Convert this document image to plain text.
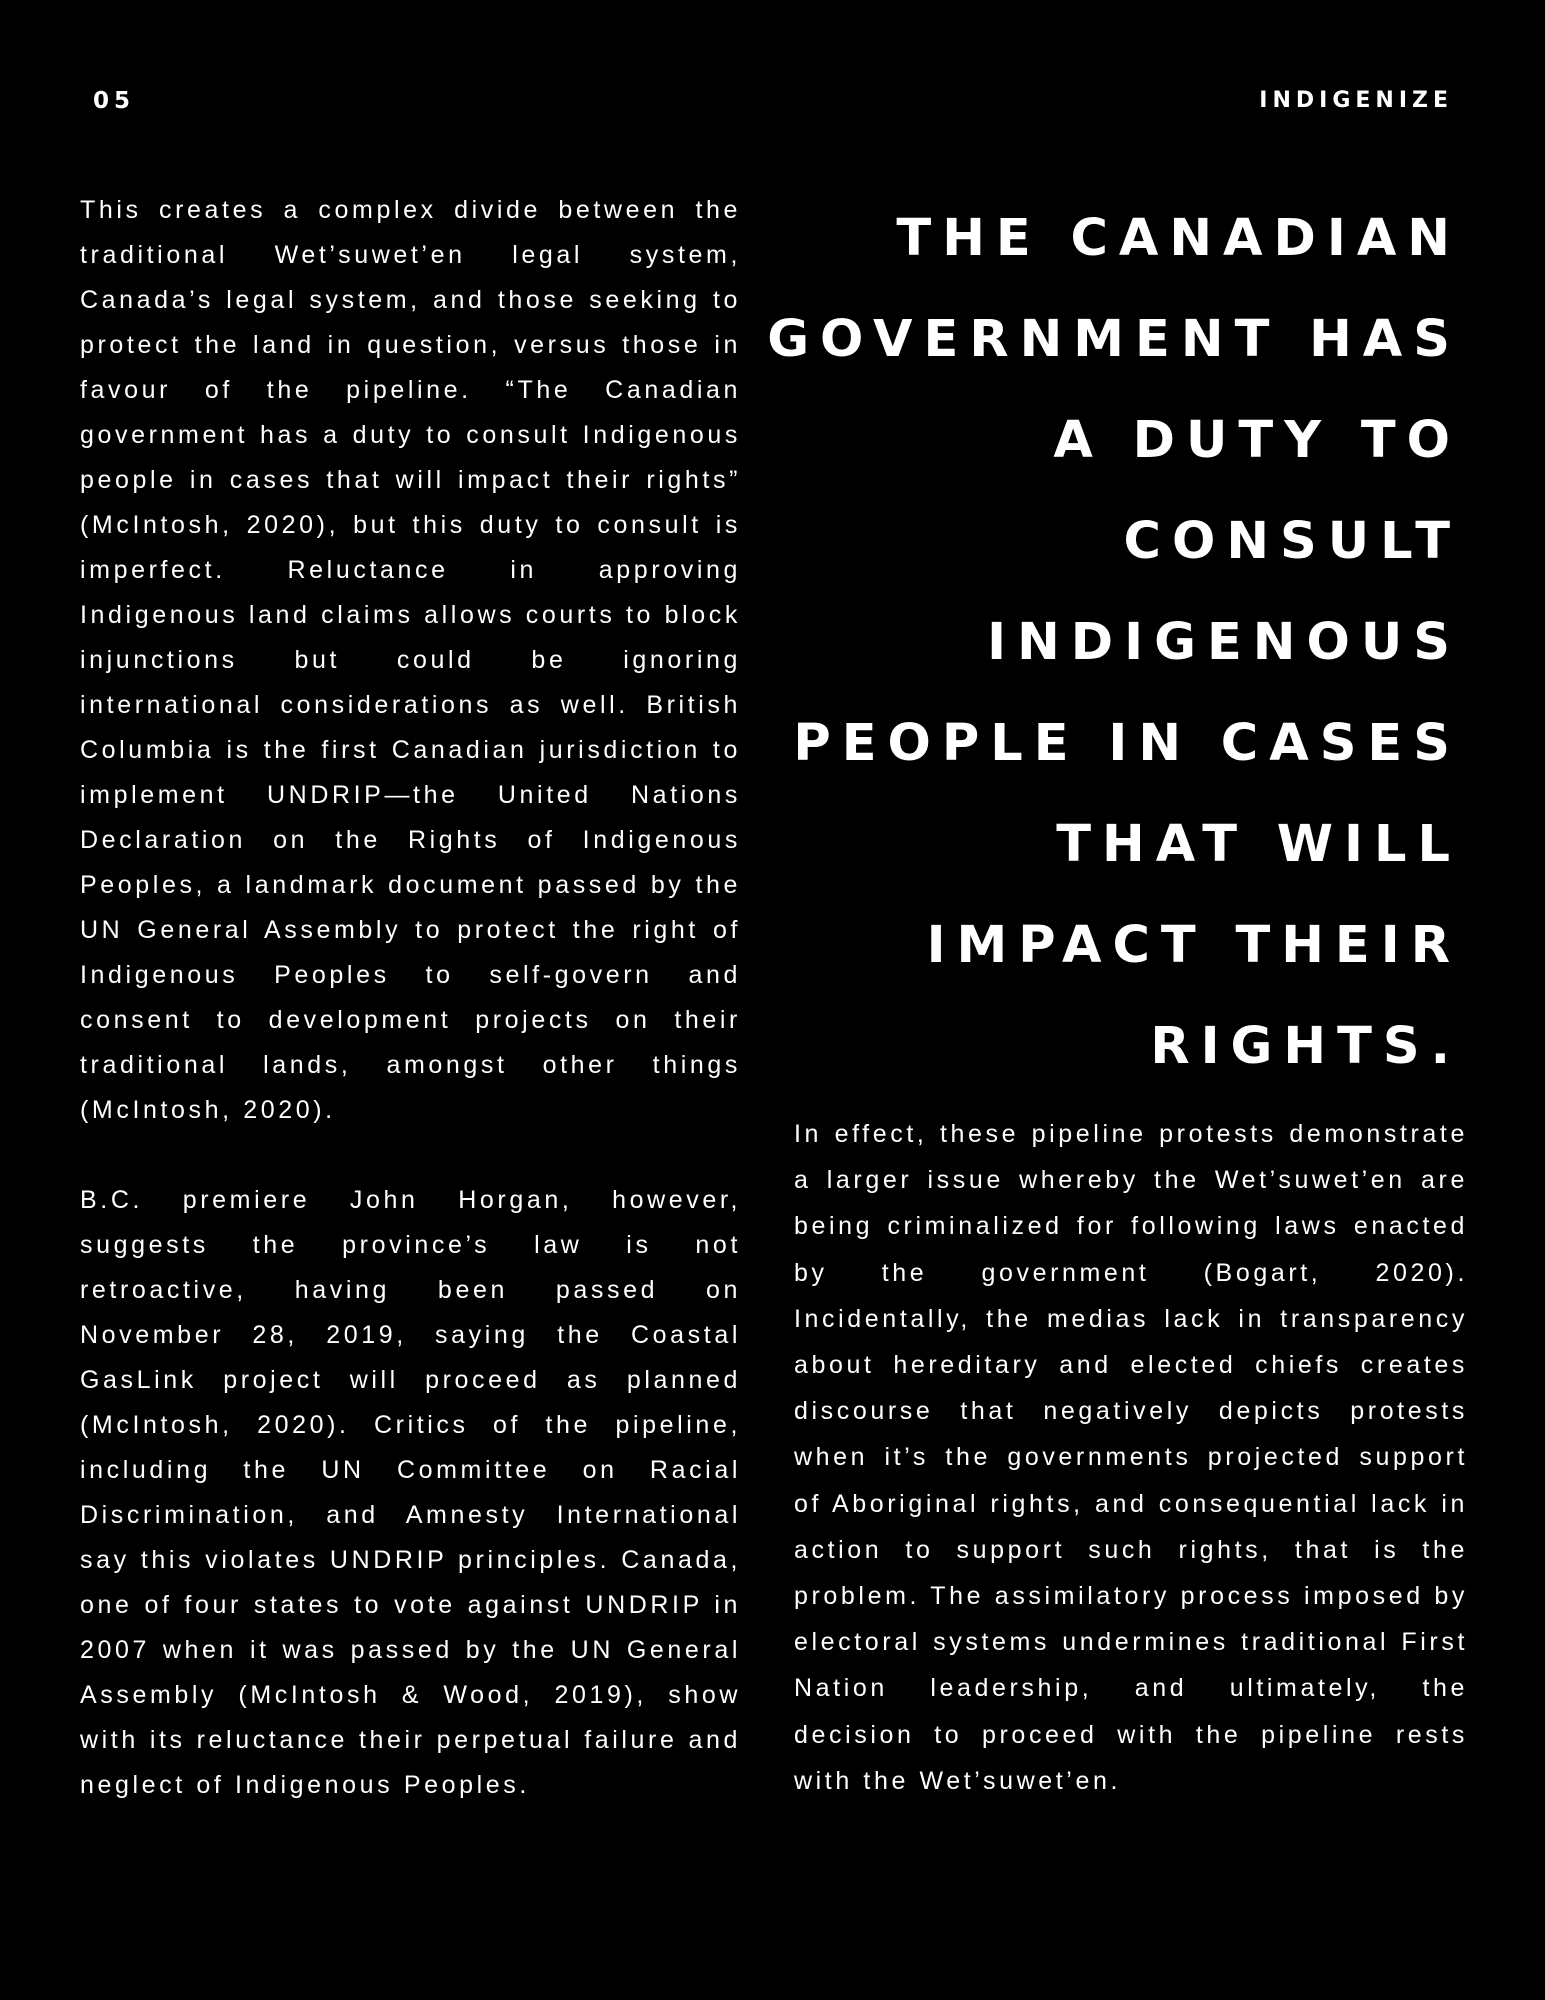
05	INDIGENIZE

This creates a complex divide between the traditional Wet’suwet’en legal system, Canada’s legal system, and those seeking to protect the land in question, versus those in favour of the pipeline. “The Canadian government has a duty to consult Indigenous people in cases that will impact their rights” (McIntosh, 2020), but this duty to consult is imperfect. Reluctance in approving Indigenous land claims allows courts to block injunctions but could be ignoring international considerations as well. British Columbia is the first Canadian jurisdiction to implement UNDRIP—the United Nations Declaration on the Rights of Indigenous Peoples, a landmark document passed by the UN General Assembly to protect the right of Indigenous Peoples to self-govern and consent to development projects on their traditional lands, amongst other things (McIntosh, 2020).

B.C. premiere John Horgan, however, suggests the province’s law is not retroactive, having been passed on November 28, 2019, saying the Coastal GasLink project will proceed as planned (McIntosh, 2020). Critics of the pipeline, including the UN Committee on Racial Discrimination, and Amnesty International say this violates UNDRIP principles. Canada, one of four states to vote against UNDRIP in 2007 when it was passed by the UN General Assembly (McIntosh & Wood, 2019), show with its reluctance their perpetual failure and neglect of Indigenous Peoples.

THE CANADIAN GOVERNMENT HAS A DUTY TO CONSULT INDIGENOUS PEOPLE IN CASES THAT WILL IMPACT THEIR RIGHTS.

In effect, these pipeline protests demonstrate a larger issue whereby the Wet’suwet’en are being criminalized for following laws enacted by the government (Bogart, 2020). Incidentally, the medias lack in transparency about hereditary and elected chiefs creates discourse that negatively depicts protests when it’s the governments projected support of Aboriginal rights, and consequential lack in action to support such rights, that is the problem. The assimilatory process imposed by electoral systems undermines traditional First Nation leadership, and ultimately, the decision to proceed with the pipeline rests with the Wet’suwet’en.
